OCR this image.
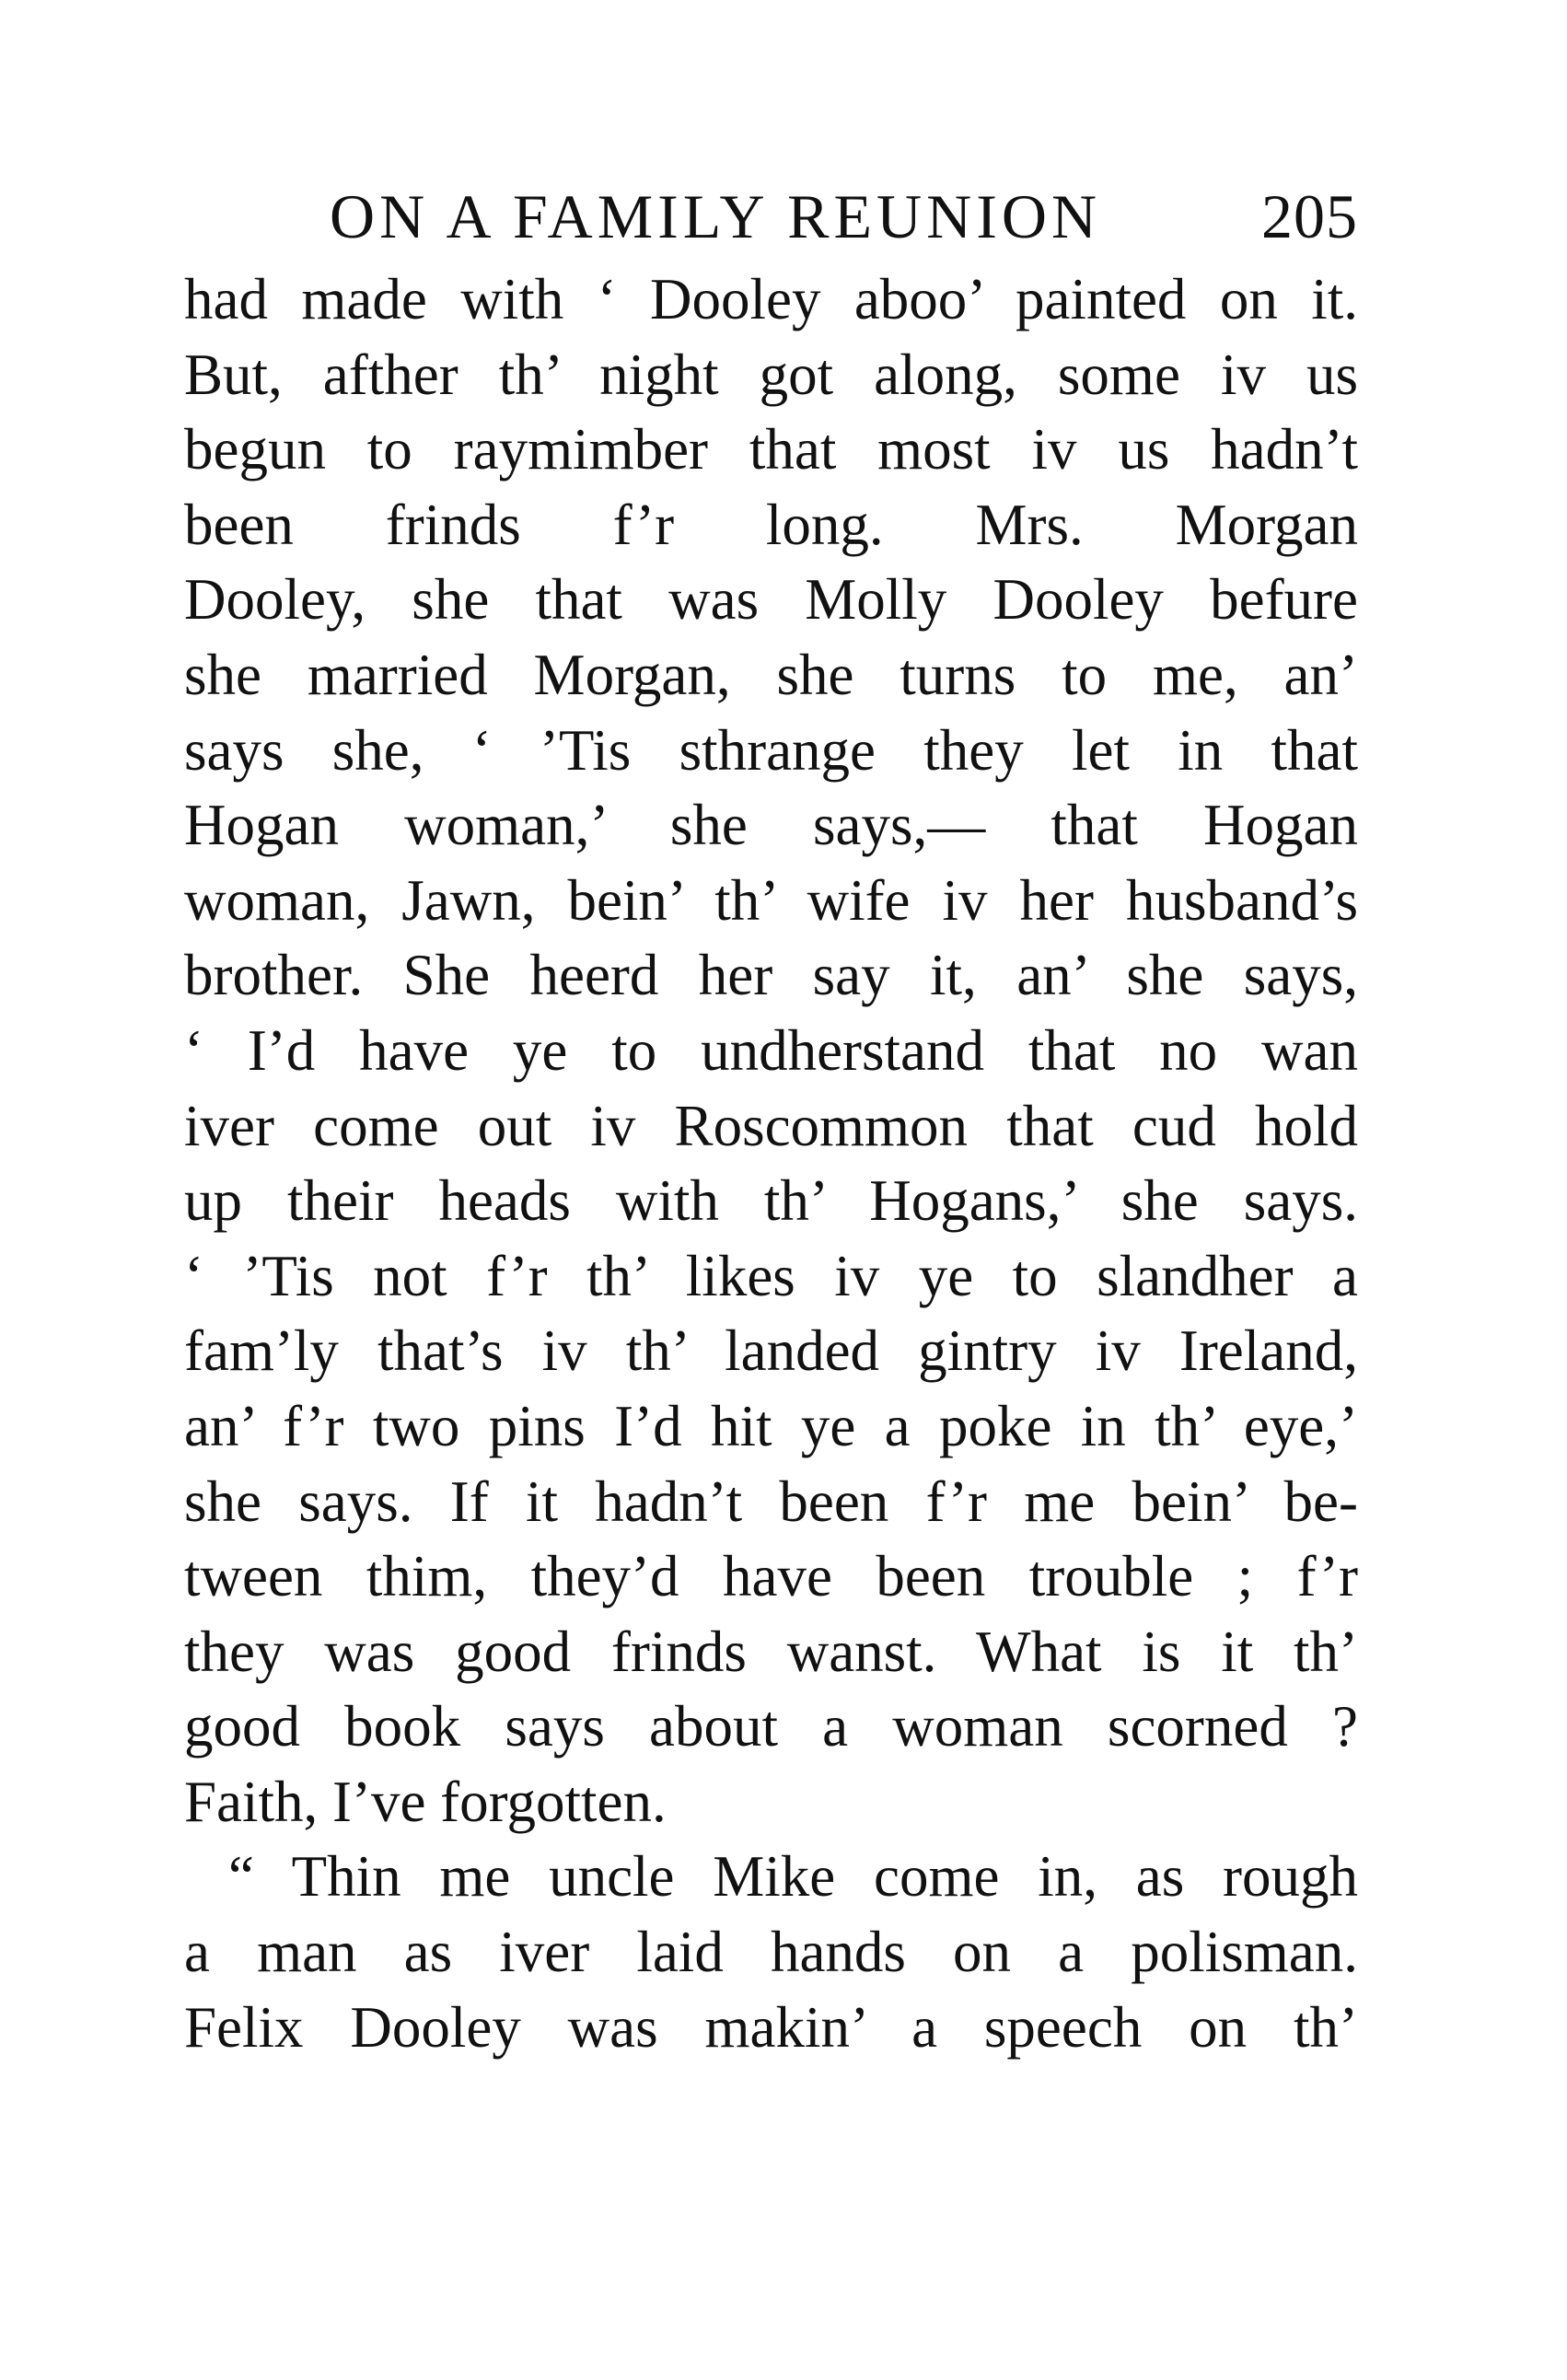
ON A FAMILY REUNION	205
had made with ‘ Dooley aboo’ painted on it.
But, afther th’ night got along, some iv us
begun to raymimber that most iv us hadn’t
been frinds f’r long. Mrs. Morgan
Dooley, she that was Molly Dooley befure
she married Morgan, she turns to me, an’
says she, ‘ ’Tis sthrange they let in that
Hogan woman,’ she says,— that Hogan
woman, Jawn, bein’ th’ wife iv her husband’s
brother. She heerd her say it, an’ she says,
‘ I’d have ye to undherstand that no wan
iver come out iv Roscommon that cud hold
up their heads with th’ Hogans,’ she says.
‘ ’Tis not f’r th’ likes iv ye to slandher a
fam’ly that’s iv th’ landed gintry iv Ireland,
an’ f’r two pins I’d hit ye a poke in th’ eye,’
she says. If it hadn’t been f’r me bein’ be-
tween thim, they’d have been trouble ; f’r
they was good frinds wanst. What is it th’
good book says about a woman scorned ?
Faith, I’ve forgotten.
“ Thin me uncle Mike come in, as rough
a man as iver laid hands on a polisman.
Felix Dooley was makin’ a speech on th’
